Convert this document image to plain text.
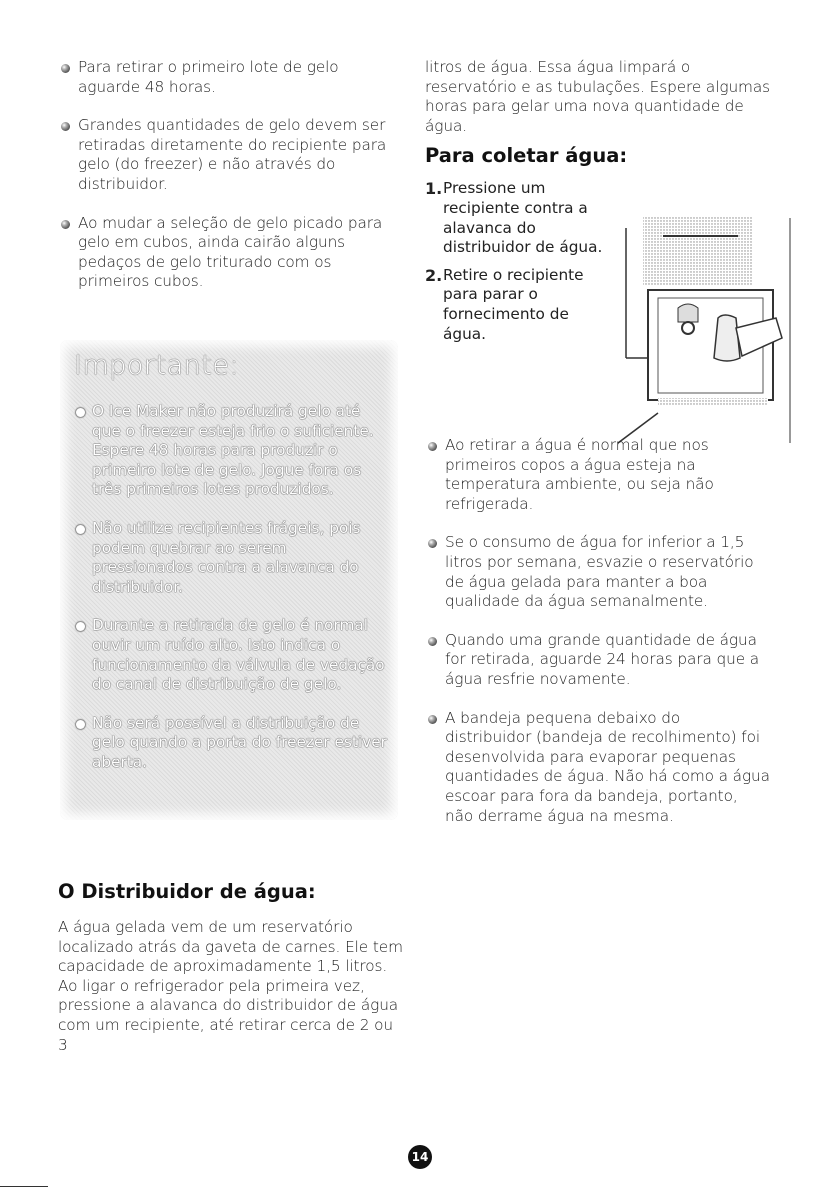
Para retirar o primeiro lote de gelo aguarde 48 horas.
Grandes quantidades de gelo devem ser retiradas diretamente do recipiente para gelo (do freezer) e não através do distribuidor.
Ao mudar a seleção de gelo picado para gelo em cubos, ainda cairão alguns pedaços de gelo triturado com os primeiros cubos.
Importante:
O Ice Maker não produzirá gelo até que o freezer esteja frio o suficiente. Espere 48 horas para produzir o primeiro lote de gelo. Jogue fora os três primeiros lotes produzidos.
Não utilize recipientes frágeis, pois podem quebrar ao serem pressionados contra a alavanca do distribuidor.
Durante a retirada de gelo é normal ouvir um ruído alto. Isto indica o funcionamento da válvula de vedação do canal de distribuição de gelo.
Não será possível a distribuição de gelo quando a porta do freezer estiver aberta.
O Distribuidor de água:

A água gelada vem de um reservatório localizado atrás da gaveta de carnes. Ele tem capacidade de aproximadamente 1,5 litros. Ao ligar o refrigerador pela primeira vez, pressione a alavanca do distribuidor de água com um recipiente, até retirar cerca de 2 ou 3

litros de água. Essa água limpará o reservatório e as tubulações. Espere algumas horas para gelar uma nova quantidade de água.

Para coletar água:
1. Pressione um recipiente contra a alavanca do distribuidor de água.
2. Retire o recipiente para parar o fornecimento de água.
Ao retirar a água é normal que nos primeiros copos a água esteja na temperatura ambiente, ou seja não refrigerada.
Se o consumo de água for inferior a 1,5 litros por semana, esvazie o reservatório de água gelada para manter a boa qualidade da água semanalmente.
Quando uma grande quantidade de água for retirada, aguarde 24 horas para que a água resfrie novamente.
A bandeja pequena debaixo do distribuidor (bandeja de recolhimento) foi desenvolvida para evaporar pequenas quantidades de água. Não há como a água escoar para fora da bandeja, portanto, não derrame água na mesma.
14
